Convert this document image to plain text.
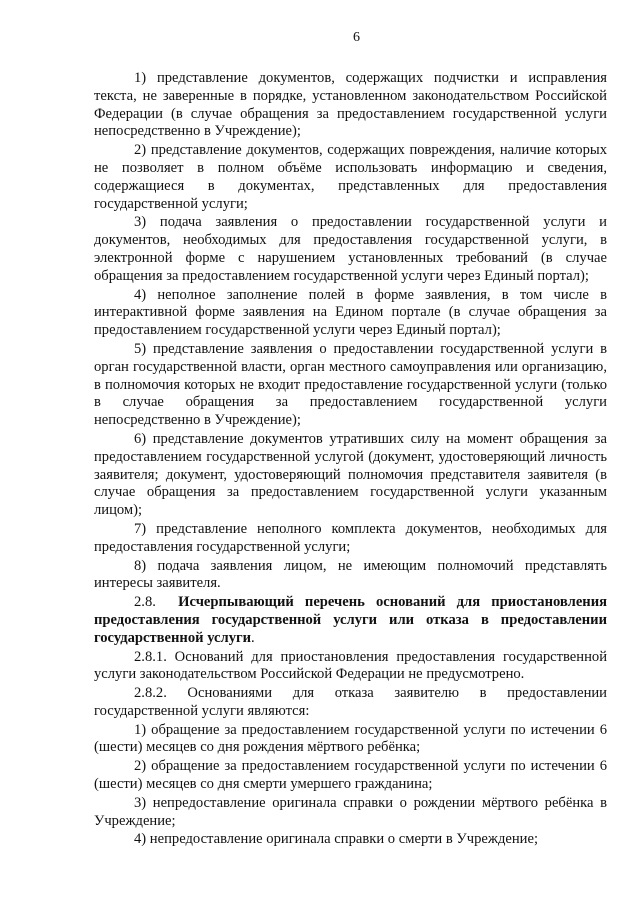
6

1) представление документов, содержащих подчистки и исправления текста, не заверенные в порядке, установленном законодательством Российской Федерации (в случае обращения за предоставлением государственной услуги непосредственно в Учреждение);

2) представление документов, содержащих повреждения, наличие которых не позволяет в полном объёме использовать информацию и сведения, содержащиеся в документах, представленных для предоставления государственной услуги;

3) подача заявления о предоставлении государственной услуги и документов, необходимых для предоставления государственной услуги, в электронной форме с нарушением установленных требований (в случае обращения за предоставлением государственной услуги через Единый портал);

4) неполное заполнение полей в форме заявления, в том числе в интерактивной форме заявления на Едином портале (в случае обращения за предоставлением государственной услуги через Единый портал);

5) представление заявления о предоставлении государственной услуги в орган государственной власти, орган местного самоуправления или организацию, в полномочия которых не входит предоставление государственной услуги (только в случае обращения за предоставлением государственной услуги непосредственно в Учреждение);

6) представление документов утративших силу на момент обращения за предоставлением государственной услугой (документ, удостоверяющий личность заявителя; документ, удостоверяющий полномочия представителя заявителя (в случае обращения за предоставлением государственной услуги указанным лицом);

7) представление неполного комплекта документов, необходимых для предоставления государственной услуги;

8) подача заявления лицом, не имеющим полномочий представлять интересы заявителя.

2.8. Исчерпывающий перечень оснований для приостановления предоставления государственной услуги или отказа в предоставлении государственной услуги.

2.8.1. Оснований для приостановления предоставления государственной услуги законодательством Российской Федерации не предусмотрено.

2.8.2. Основаниями для отказа заявителю в предоставлении государственной услуги являются:

1) обращение за предоставлением государственной услуги по истечении 6 (шести) месяцев со дня рождения мёртвого ребёнка;

2) обращение за предоставлением государственной услуги по истечении 6 (шести) месяцев со дня смерти умершего гражданина;

3) непредоставление оригинала справки о рождении мёртвого ребёнка в Учреждение;

4) непредоставление оригинала справки о смерти в Учреждение;
